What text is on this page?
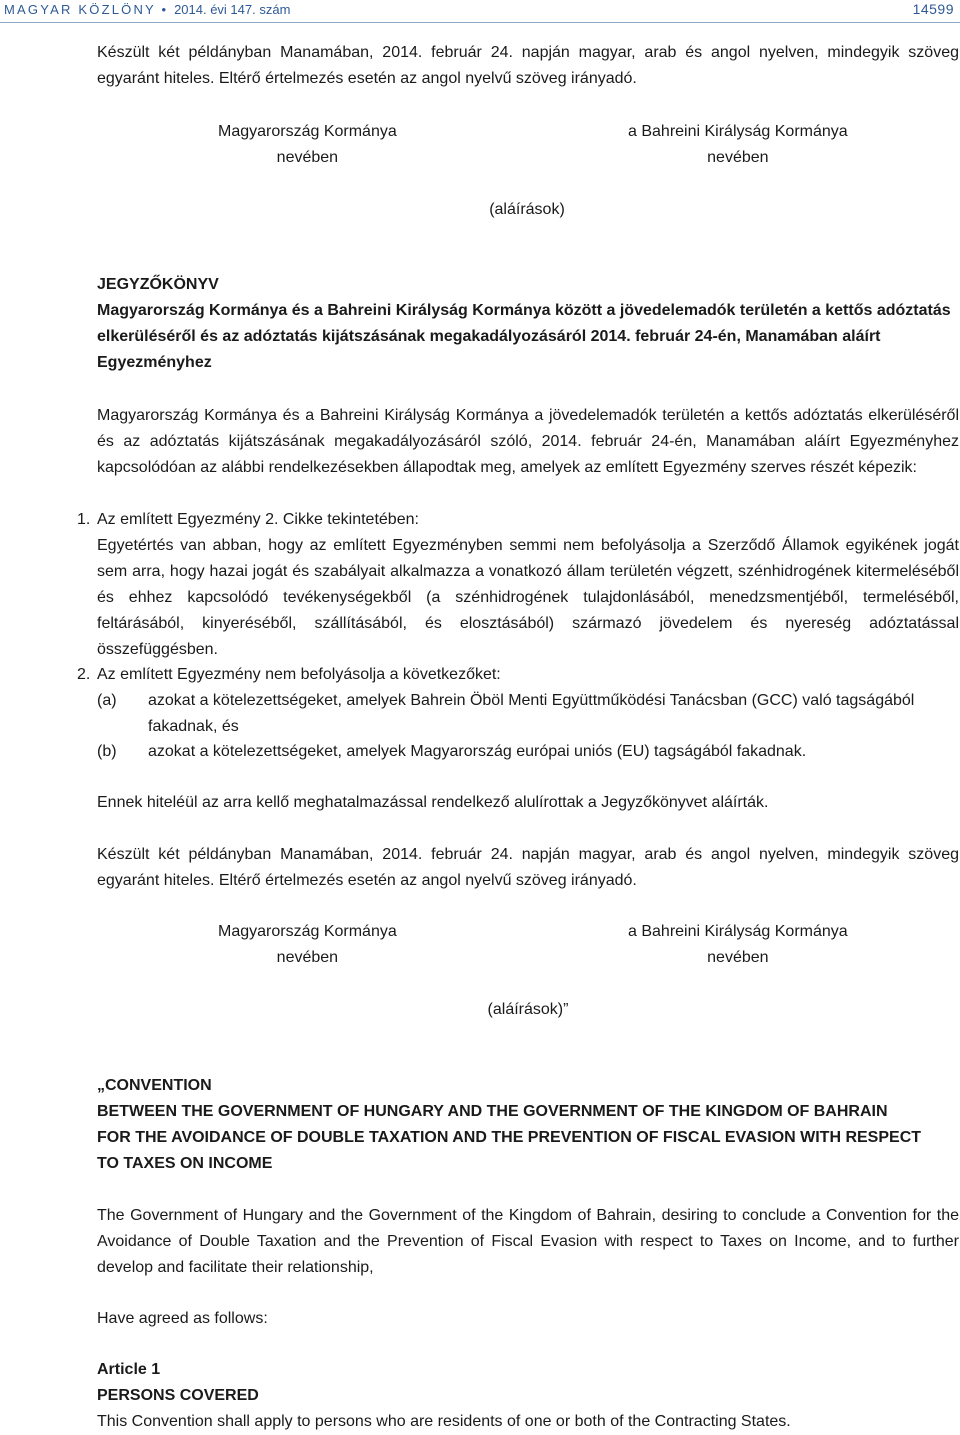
MAGYAR KÖZLÖNY • 2014. évi 147. szám	14599
Készült két példányban Manamában, 2014. február 24. napján magyar, arab és angol nyelven, mindegyik szöveg egyaránt hiteles. Eltérő értelmezés esetén az angol nyelvű szöveg irányadó.
Magyarország Kormánya
nevében
a Bahreini Királyság Kormánya
nevében
(aláírások)
JEGYZŐKÖNYV
Magyarország Kormánya és a Bahreini Királyság Kormánya között a jövedelemadók területén a kettős adóztatás elkerüléséről és az adóztatás kijátszásának megakadályozásáról 2014. február 24-én, Manamában aláírt Egyezményhez
Magyarország Kormánya és a Bahreini Királyság Kormánya a jövedelemadók területén a kettős adóztatás elkerüléséről és az adóztatás kijátszásának megakadályozásáról szóló, 2014. február 24-én, Manamában aláírt Egyezményhez kapcsolódóan az alábbi rendelkezésekben állapodtak meg, amelyek az említett Egyezmény szerves részét képezik:
1. Az említett Egyezmény 2. Cikke tekintetében:
Egyetértés van abban, hogy az említett Egyezményben semmi nem befolyásolja a Szerződő Államok egyikének jogát sem arra, hogy hazai jogát és szabályait alkalmazza a vonatkozó állam területén végzett, szénhidrogének kitermeléséből és ehhez kapcsolódó tevékenységekből (a szénhidrogének tulajdonlásából, menedzsmentjéből, termeléséből, feltárásából, kinyeréséből, szállításából, és elosztásából) származó jövedelem és nyereség adóztatással összefüggésben.
2. Az említett Egyezmény nem befolyásolja a következőket:
(a) azokat a kötelezettségeket, amelyek Bahrein Öböl Menti Együttműködési Tanácsban (GCC) való tagságából fakadnak, és
(b) azokat a kötelezettségeket, amelyek Magyarország európai uniós (EU) tagságából fakadnak.
Ennek hiteléül az arra kellő meghatalmazással rendelkező alulírottak a Jegyzőkönyvet aláírták.
Készült két példányban Manamában, 2014. február 24. napján magyar, arab és angol nyelven, mindegyik szöveg egyaránt hiteles. Eltérő értelmezés esetén az angol nyelvű szöveg irányadó.
Magyarország Kormánya
nevében
a Bahreini Királyság Kormánya
nevében
(aláírások)”
„CONVENTION
BETWEEN THE GOVERNMENT OF HUNGARY AND THE GOVERNMENT OF THE KINGDOM OF BAHRAIN
FOR THE AVOIDANCE OF DOUBLE TAXATION AND THE PREVENTION OF FISCAL EVASION WITH RESPECT
TO TAXES ON INCOME
The Government of Hungary and the Government of the Kingdom of Bahrain, desiring to conclude a Convention for the Avoidance of Double Taxation and the Prevention of Fiscal Evasion with respect to Taxes on Income, and to further develop and facilitate their relationship,
Have agreed as follows:
Article 1
PERSONS COVERED
This Convention shall apply to persons who are residents of one or both of the Contracting States.
